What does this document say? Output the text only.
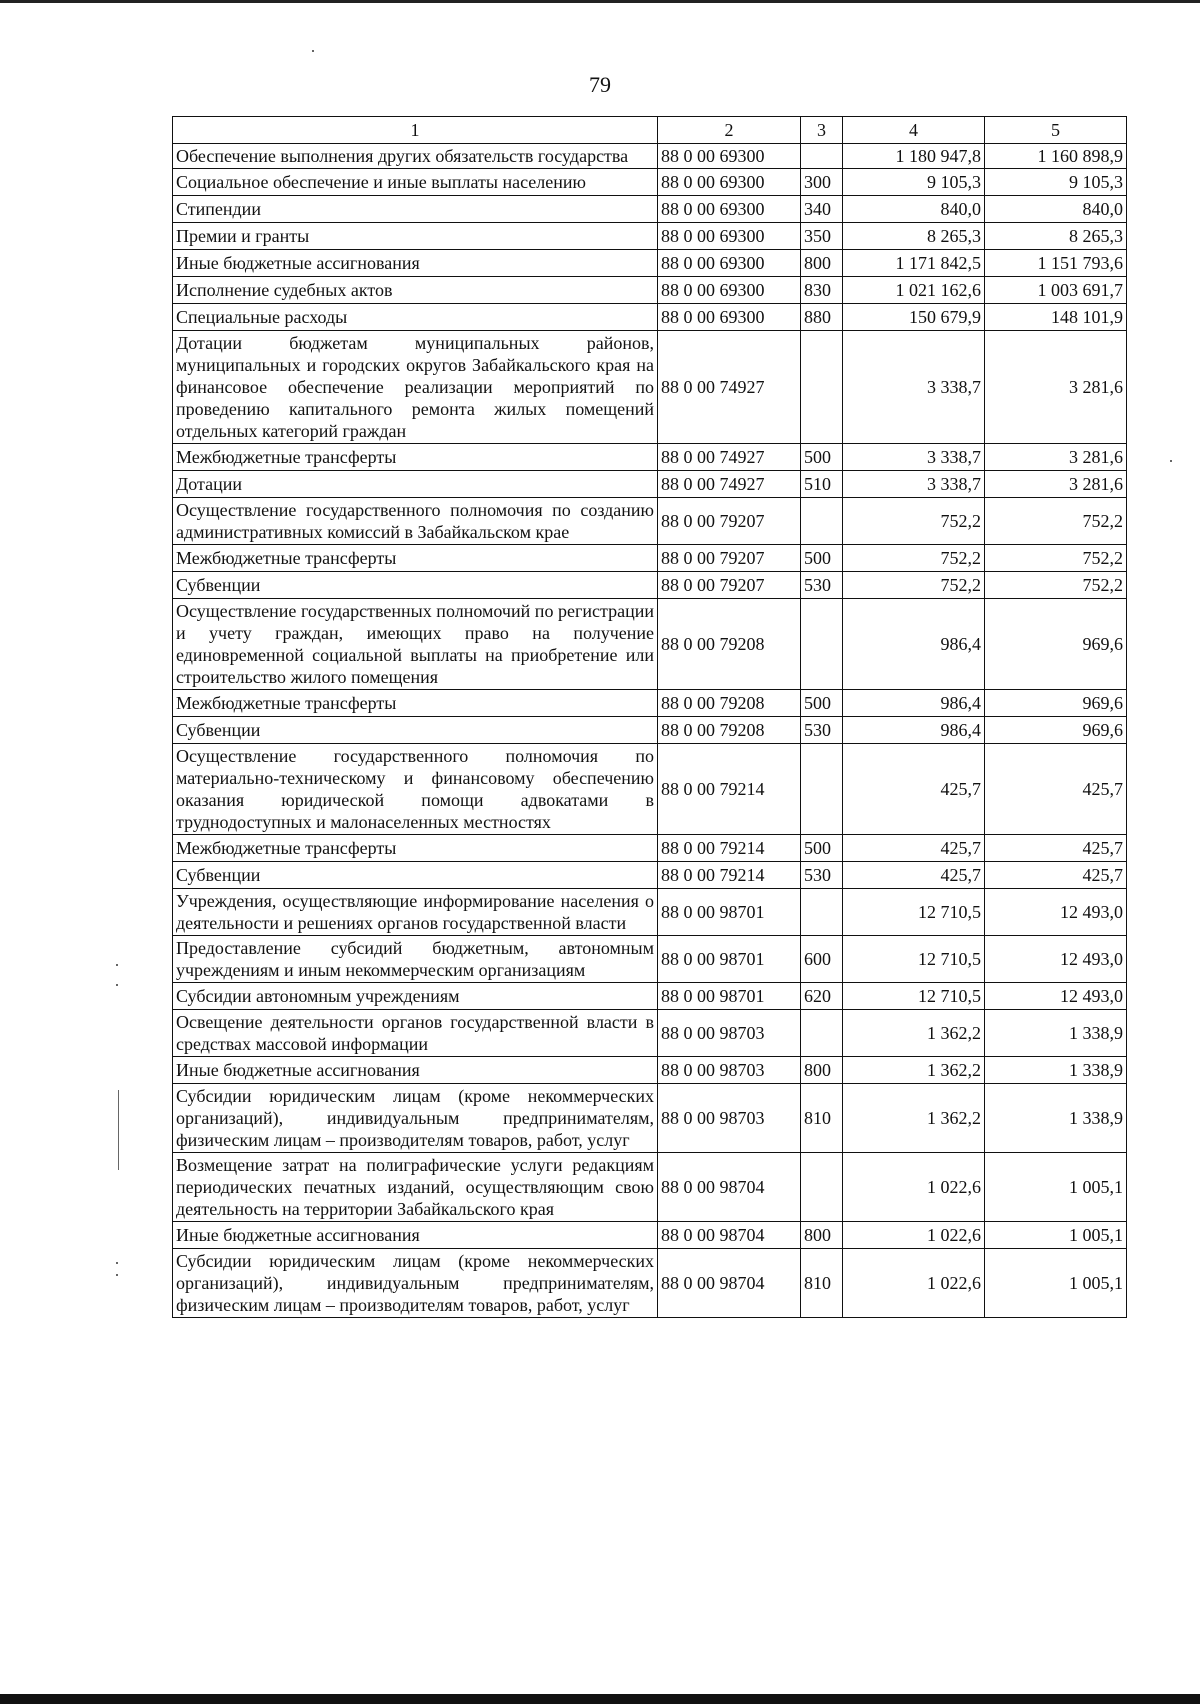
79
1	2	3	4	5
Обеспечение выполнения других обязательств государства	88 0 00 69300		1 180 947,8	1 160 898,9
Социальное обеспечение и иные выплаты населению	88 0 00 69300	300	9 105,3	9 105,3
Стипендии	88 0 00 69300	340	840,0	840,0
Премии и гранты	88 0 00 69300	350	8 265,3	8 265,3
Иные бюджетные ассигнования	88 0 00 69300	800	1 171 842,5	1 151 793,6
Исполнение судебных актов	88 0 00 69300	830	1 021 162,6	1 003 691,7
Специальные расходы	88 0 00 69300	880	150 679,9	148 101,9
Дотации бюджетам муниципальных районов, муниципальных и городских округов Забайкальского края на финансовое обеспечение реализации мероприятий по проведению капитального ремонта жилых помещений отдельных категорий граждан	88 0 00 74927		3 338,7	3 281,6
Межбюджетные трансферты	88 0 00 74927	500	3 338,7	3 281,6
Дотации	88 0 00 74927	510	3 338,7	3 281,6
Осуществление государственного полномочия по созданию административных комиссий в Забайкальском крае	88 0 00 79207		752,2	752,2
Межбюджетные трансферты	88 0 00 79207	500	752,2	752,2
Субвенции	88 0 00 79207	530	752,2	752,2
Осуществление государственных полномочий по регистрации и учету граждан, имеющих право на получение единовременной социальной выплаты на приобретение или строительство жилого помещения	88 0 00 79208		986,4	969,6
Межбюджетные трансферты	88 0 00 79208	500	986,4	969,6
Субвенции	88 0 00 79208	530	986,4	969,6
Осуществление государственного полномочия по материально-техническому и финансовому обеспечению оказания юридической помощи адвокатами в труднодоступных и малонаселенных местностях	88 0 00 79214		425,7	425,7
Межбюджетные трансферты	88 0 00 79214	500	425,7	425,7
Субвенции	88 0 00 79214	530	425,7	425,7
Учреждения, осуществляющие информирование населения о деятельности и решениях органов государственной власти	88 0 00 98701		12 710,5	12 493,0
Предоставление субсидий бюджетным, автономным учреждениям и иным некоммерческим организациям	88 0 00 98701	600	12 710,5	12 493,0
Субсидии автономным учреждениям	88 0 00 98701	620	12 710,5	12 493,0
Освещение деятельности органов государственной власти в средствах массовой информации	88 0 00 98703		1 362,2	1 338,9
Иные бюджетные ассигнования	88 0 00 98703	800	1 362,2	1 338,9
Субсидии юридическим лицам (кроме некоммерческих организаций), индивидуальным предпринимателям, физическим лицам – производителям товаров, работ, услуг	88 0 00 98703	810	1 362,2	1 338,9
Возмещение затрат на полиграфические услуги редакциям периодических печатных изданий, осуществляющим свою деятельность на территории Забайкальского края	88 0 00 98704		1 022,6	1 005,1
Иные бюджетные ассигнования	88 0 00 98704	800	1 022,6	1 005,1
Субсидии юридическим лицам (кроме некоммерческих организаций), индивидуальным предпринимателям, физическим лицам – производителям товаров, работ, услуг	88 0 00 98704	810	1 022,6	1 005,1
